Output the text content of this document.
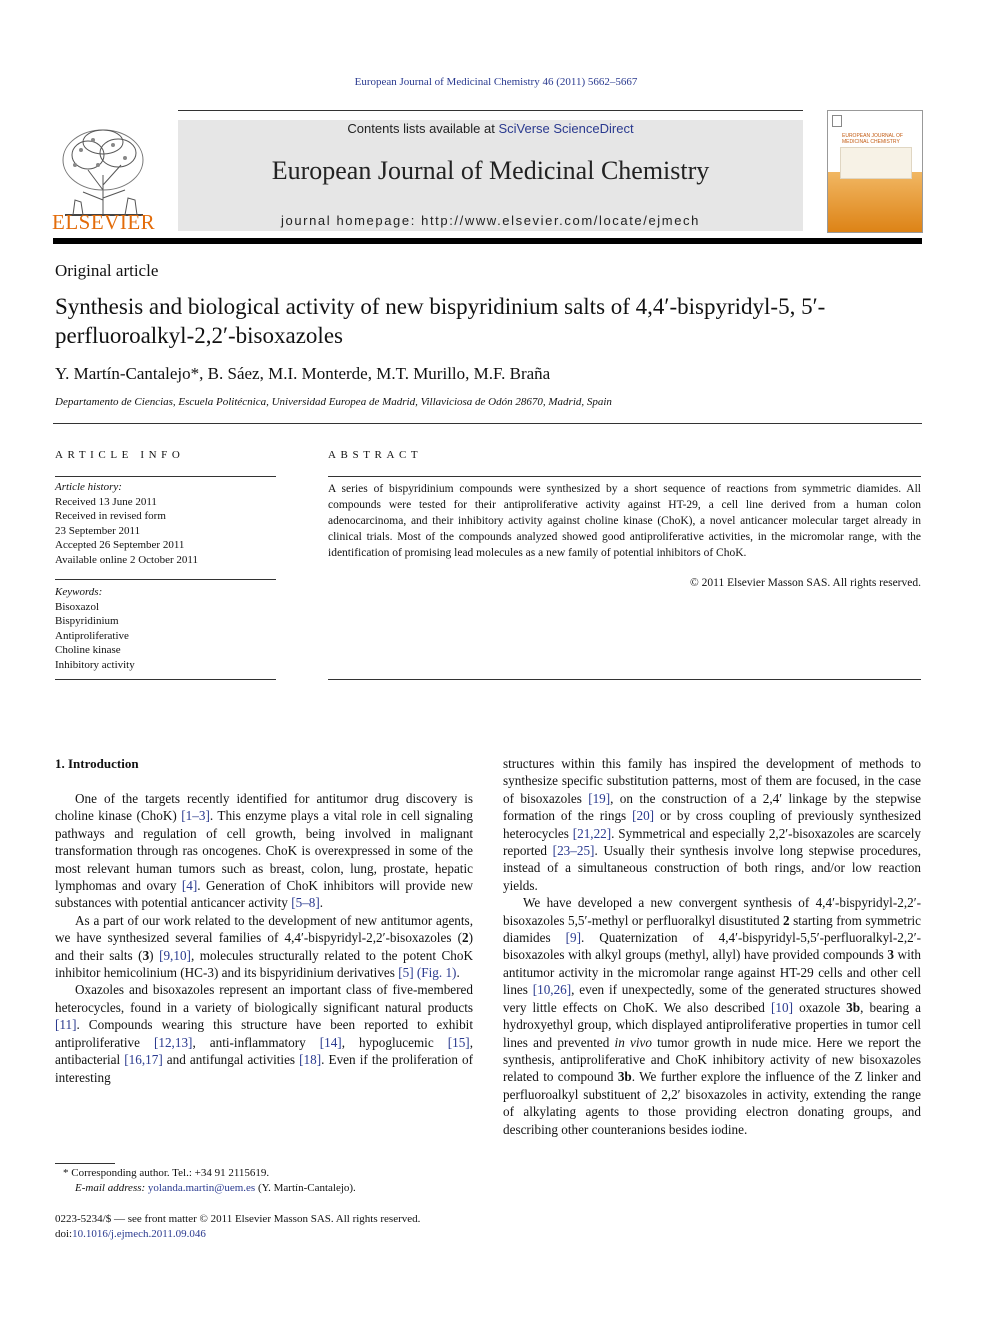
European Journal of Medicinal Chemistry 46 (2011) 5662–5667
ELSEVIER
Contents lists available at SciVerse ScienceDirect
European Journal of Medicinal Chemistry
journal homepage: http://www.elsevier.com/locate/ejmech
EUROPEAN JOURNAL OF MEDICINAL CHEMISTRY
Original article
Synthesis and biological activity of new bispyridinium salts of 4,4′-bispyridyl-5, 5′-perfluoroalkyl-2,2′-bisoxazoles
Y. Martín-Cantalejo*, B. Sáez, M.I. Monterde, M.T. Murillo, M.F. Braña
Departamento de Ciencias, Escuela Politécnica, Universidad Europea de Madrid, Villaviciosa de Odón 28670, Madrid, Spain
ARTICLE INFO
Article history:
Received 13 June 2011
Received in revised form
23 September 2011
Accepted 26 September 2011
Available online 2 October 2011
Keywords:
Bisoxazol
Bispyridinium
Antiproliferative
Choline kinase
Inhibitory activity
ABSTRACT
A series of bispyridinium compounds were synthesized by a short sequence of reactions from symmetric diamides. All compounds were tested for their antiproliferative activity against HT-29, a cell line derived from a human colon adenocarcinoma, and their inhibitory activity against choline kinase (ChoK), a novel anticancer molecular target already in clinical trials. Most of the compounds analyzed showed good antiproliferative activities, in the micromolar range, with the identification of promising lead molecules as a new family of potential inhibitors of ChoK.
© 2011 Elsevier Masson SAS. All rights reserved.
1. Introduction

One of the targets recently identified for antitumor drug discovery is choline kinase (ChoK) [1–3]. This enzyme plays a vital role in cell signaling pathways and regulation of cell growth, being involved in malignant transformation through ras oncogenes. ChoK is overexpressed in some of the most relevant human tumors such as breast, colon, lung, prostate, hepatic lymphomas and ovary [4]. Generation of ChoK inhibitors will provide new substances with potential anticancer activity [5–8].

As a part of our work related to the development of new antitumor agents, we have synthesized several families of 4,4′-bispyridyl-2,2′-bisoxazoles (2) and their salts (3) [9,10], molecules structurally related to the potent ChoK inhibitor hemicolinium (HC-3) and its bispyridinium derivatives [5] (Fig. 1).

Oxazoles and bisoxazoles represent an important class of five-membered heterocycles, found in a variety of biologically significant natural products [11]. Compounds wearing this structure have been reported to exhibit antiproliferative [12,13], anti-inflammatory [14], hypoglucemic [15], antibacterial [16,17] and antifungal activities [18]. Even if the proliferation of interesting

structures within this family has inspired the development of methods to synthesize specific substitution patterns, most of them are focused, in the case of bisoxazoles [19], on the construction of a 2,4′ linkage by the stepwise formation of the rings [20] or by cross coupling of previously synthesized heterocycles [21,22]. Symmetrical and especially 2,2′-bisoxazoles are scarcely reported [23–25]. Usually their synthesis involve long stepwise procedures, instead of a simultaneous construction of both rings, and/or low reaction yields.

We have developed a new convergent synthesis of 4,4′-bispyridyl-2,2′-bisoxazoles 5,5′-methyl or perfluoralkyl disustituted 2 starting from symmetric diamides [9]. Quaternization of 4,4′-bispyridyl-5,5′-perfluoralkyl-2,2′-bisoxazoles with alkyl groups (methyl, allyl) have provided compounds 3 with antitumor activity in the micromolar range against HT-29 cells and other cell lines [10,26], even if unexpectedly, some of the generated structures showed very little effects on ChoK. We also described [10] oxazole 3b, bearing a hydroxyethyl group, which displayed antiproliferative properties in tumor cell lines and prevented in vivo tumor growth in nude mice. Here we report the synthesis, antiproliferative and ChoK inhibitory activity of new bisoxazoles related to compound 3b. We further explore the influence of the Z linker and perfluoroalkyl substituent of 2,2′ bisoxazoles in activity, extending the range of alkylating agents to those providing electron donating groups, and describing other counteranions besides iodine.

* Corresponding author. Tel.: +34 91 2115619.
E-mail address: yolanda.martin@uem.es (Y. Martín-Cantalejo).
0223-5234/$ — see front matter © 2011 Elsevier Masson SAS. All rights reserved.
doi:10.1016/j.ejmech.2011.09.046
